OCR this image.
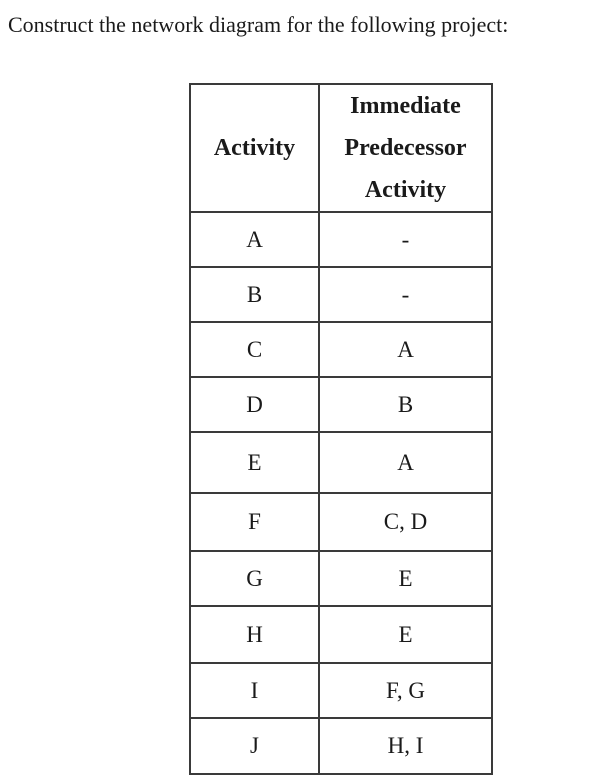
Construct the network diagram for the following project:
Activity	Immediate
Predecessor
Activity
A	-
B	-
C	A
D	B
E	A
F	C, D
G	E
H	E
I	F, G
J	H, I
